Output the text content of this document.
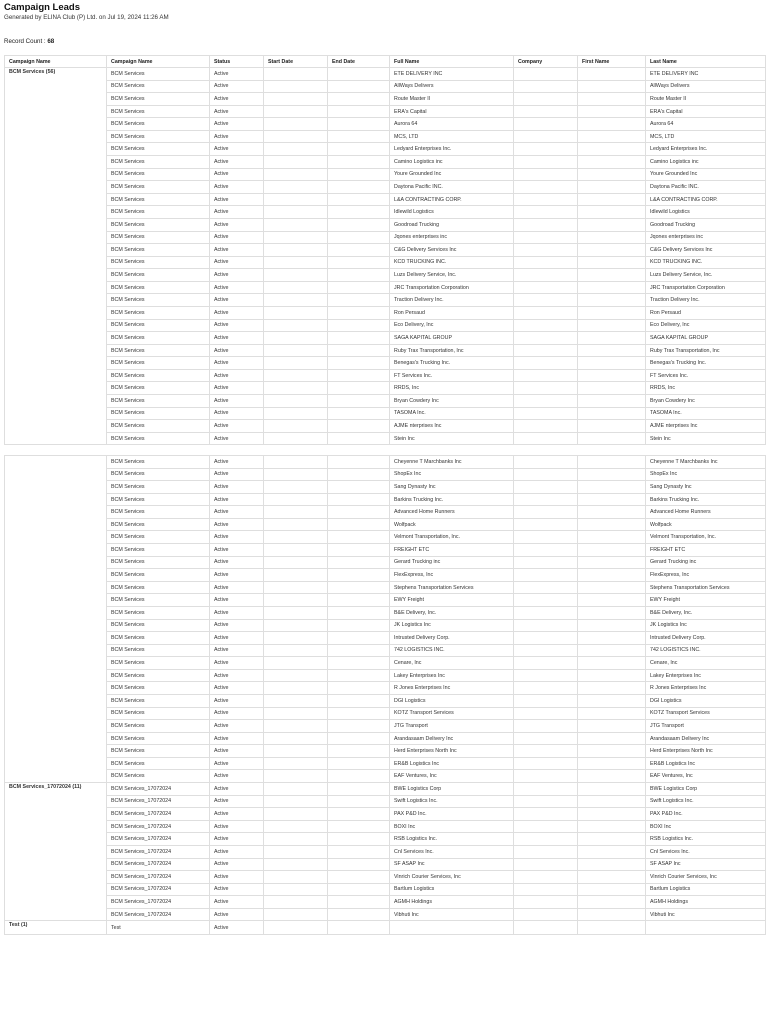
Campaign Leads
Generated by ELINA Club (P) Ltd. on Jul 19, 2024 11:26 AM
Record Count : 68
Campaign Name	Campaign Name	Status	Start Date	End Date	Full Name	Company	First Name	Last Name
BCM Services (56)	BCM Services	Active			ETE DELIVERY INC			ETE DELIVERY INC
	BCM Services	Active			AllWays Delivers			AllWays Delivers
	BCM Services	Active			Route Master II			Route Master II
	BCM Services	Active			ERA's Capital			ERA's Capital
	BCM Services	Active			Aurora 64			Aurora 64
	BCM Services	Active			MCS, LTD			MCS, LTD
	BCM Services	Active			Ledyard Enterprises Inc.			Ledyard Enterprises Inc.
	BCM Services	Active			Camino Logistics inc			Camino Logistics inc
	BCM Services	Active			Youre Grounded Inc			Youre Grounded Inc
	BCM Services	Active			Daytona Pacific INC.			Daytona Pacific INC.
	BCM Services	Active			L&A CONTRACTING CORP.			L&A CONTRACTING CORP.
	BCM Services	Active			Idlewild Logistics			Idlewild Logistics
	BCM Services	Active			Goodroad Trucking			Goodroad Trucking
	BCM Services	Active			Jqones enterprises inc			Jqones enterprises inc
	BCM Services	Active			C&G Delivery Services Inc			C&G Delivery Services Inc
	BCM Services	Active			KCD TRUCKING INC.			KCD TRUCKING INC.
	BCM Services	Active			Luzs Delivery Service, Inc.			Luzs Delivery Service, Inc.
	BCM Services	Active			JRC Transportation Corporation			JRC Transportation Corporation
	BCM Services	Active			Traction Delivery Inc.			Traction Delivery Inc.
	BCM Services	Active			Ron Persaud			Ron Persaud
	BCM Services	Active			Eco Delivery, Inc			Eco Delivery, Inc
	BCM Services	Active			SAGA KAPITAL GROUP			SAGA KAPITAL GROUP
	BCM Services	Active			Ruby Trax Transportation, Inc			Ruby Trax Transportation, Inc
	BCM Services	Active			Benegas's Trucking Inc.			Benegas's Trucking Inc.
	BCM Services	Active			FT Services Inc.			FT Services Inc.
	BCM Services	Active			RRDS, Inc			RRDS, Inc
	BCM Services	Active			Bryan Cowdery Inc			Bryan Cowdery Inc
	BCM Services	Active			TASOMA Inc.			TASOMA Inc.
	BCM Services	Active			AJME nterprises Inc			AJME nterprises Inc
	BCM Services	Active			Stein Inc			Stein Inc
	BCM Services	Active			Cheyenne T Marchbanks Inc			Cheyenne T Marchbanks Inc
	BCM Services	Active			ShopEx Inc			ShopEx Inc
	BCM Services	Active			Sang Dynasty Inc			Sang Dynasty Inc
	BCM Services	Active			Barkins Trucking Inc.			Barkins Trucking Inc.
	BCM Services	Active			Advanced Home Runners			Advanced Home Runners
	BCM Services	Active			Wolfpack			Wolfpack
	BCM Services	Active			Velmont Transportation, Inc.			Velmont Transportation, Inc.
	BCM Services	Active			FREIGHT ETC			FREIGHT ETC
	BCM Services	Active			Gerard Trucking inc			Gerard Trucking inc
	BCM Services	Active			FlexExpress, Inc			FlexExpress, Inc
	BCM Services	Active			Stephens Transportation Services			Stephens Transportation Services
	BCM Services	Active			EWY Freight			EWY Freight
	BCM Services	Active			B&E Delivery, Inc.			B&E Delivery, Inc.
	BCM Services	Active			JK Logistics Inc			JK Logistics Inc
	BCM Services	Active			Intrusted Delivery Corp.			Intrusted Delivery Corp.
	BCM Services	Active			742 LOGISTICS INC.			742 LOGISTICS INC.
	BCM Services	Active			Cenare, Inc			Cenare, Inc
	BCM Services	Active			Lakey Enterprises Inc			Lakey Enterprises Inc
	BCM Services	Active			R Jones Enterprises Inc			R Jones Enterprises Inc
	BCM Services	Active			DGI Logistics			DGI Logistics
	BCM Services	Active			KOTZ Transport Services			KOTZ Transport Services
	BCM Services	Active			JTG Transport			JTG Transport
	BCM Services	Active			Arandasaam Delivery Inc			Arandasaam Delivery Inc
	BCM Services	Active			Herd Enterprises North Inc			Herd Enterprises North Inc
	BCM Services	Active			ER&B Logistics Inc			ER&B Logistics Inc
	BCM Services	Active			EAF Ventures, Inc			EAF Ventures, Inc
BCM Services_17072024 (11)	BCM Services_17072024	Active			BWE Logistics Corp			BWE Logistics Corp
	BCM Services_17072024	Active			Swift Logistics Inc.			Swift Logistics Inc.
	BCM Services_17072024	Active			PAX P&D Inc.			PAX P&D Inc.
	BCM Services_17072024	Active			BOXI Inc			BOXI Inc
	BCM Services_17072024	Active			RSB Logistics Inc.			RSB Logistics Inc.
	BCM Services_17072024	Active			Cnl Services Inc.			Cnl Services Inc.
	BCM Services_17072024	Active			SF ASAP Inc			SF ASAP Inc
	BCM Services_17072024	Active			Vinrich Courier Services, Inc			Vinrich Courier Services, Inc
	BCM Services_17072024	Active			Bartlum Logistics			Bartlum Logistics
	BCM Services_17072024	Active			AGMH Holdings			AGMH Holdings
	BCM Services_17072024	Active			Vibhuti Inc			Vibhuti Inc
Test (1)	Test	Active						
